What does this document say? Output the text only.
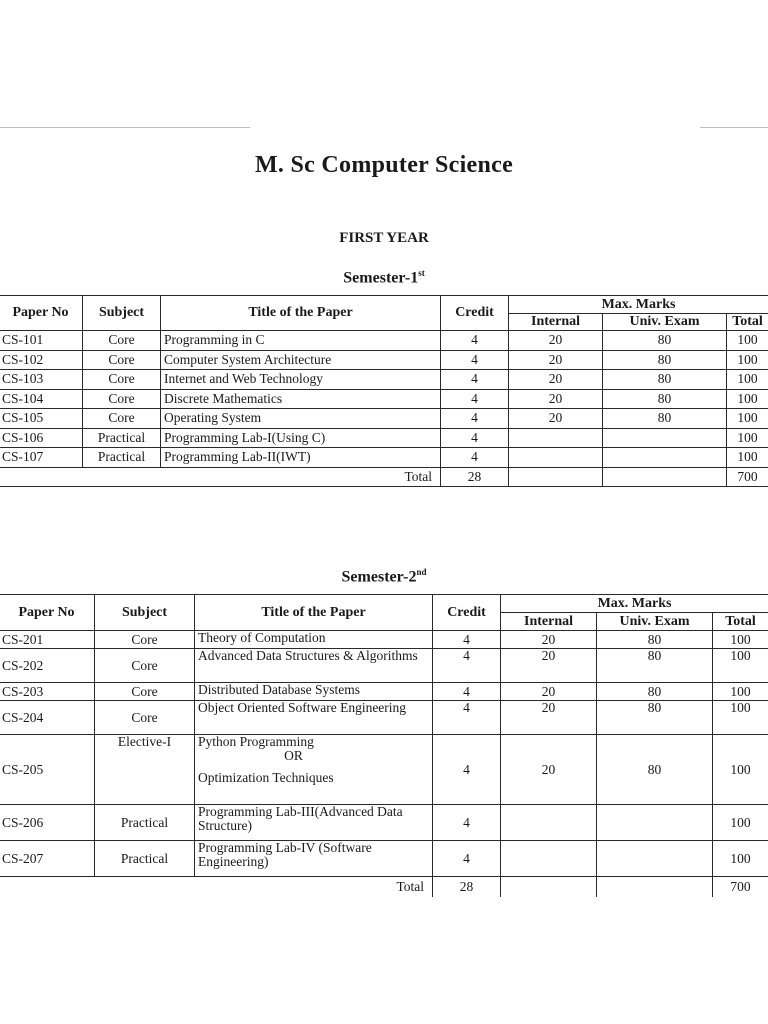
M. Sc Computer Science
FIRST YEAR
Semester-1st
Paper No	Subject	Title of the Paper	Credit	Max. Marks		
				Internal	Univ. Exam	Total
CS-101	Core	Programming in C	4	20	80	100
CS-102	Core	Computer System Architecture	4	20	80	100
CS-103	Core	Internet and Web Technology	4	20	80	100
CS-104	Core	Discrete Mathematics	4	20	80	100
CS-105	Core	Operating System	4	20	80	100
CS-106	Practical	Programming Lab-I(Using C)	4			100
CS-107	Practical	Programming Lab-II(IWT)	4			100
Total			28			700
Semester-2nd
Paper No	Subject	Title of the Paper	Credit	Max. Marks		
				Internal	Univ. Exam	Total
CS-201	Core	Theory of Computation	4	20	80	100
CS-202	Core	Advanced Data Structures & Algorithms	4	20	80	100
CS-203	Core	Distributed Database Systems	4	20	80	100
CS-204	Core	Object Oriented Software Engineering	4	20	80	100
CS-205	Elective-I	Python Programming
OR
Optimization Techniques	4	20	80	100
CS-206	Practical	Programming Lab-III(Advanced Data Structure)	4			100
CS-207	Practical	Programming Lab-IV (Software Engineering)	4			100
Total			28			700
